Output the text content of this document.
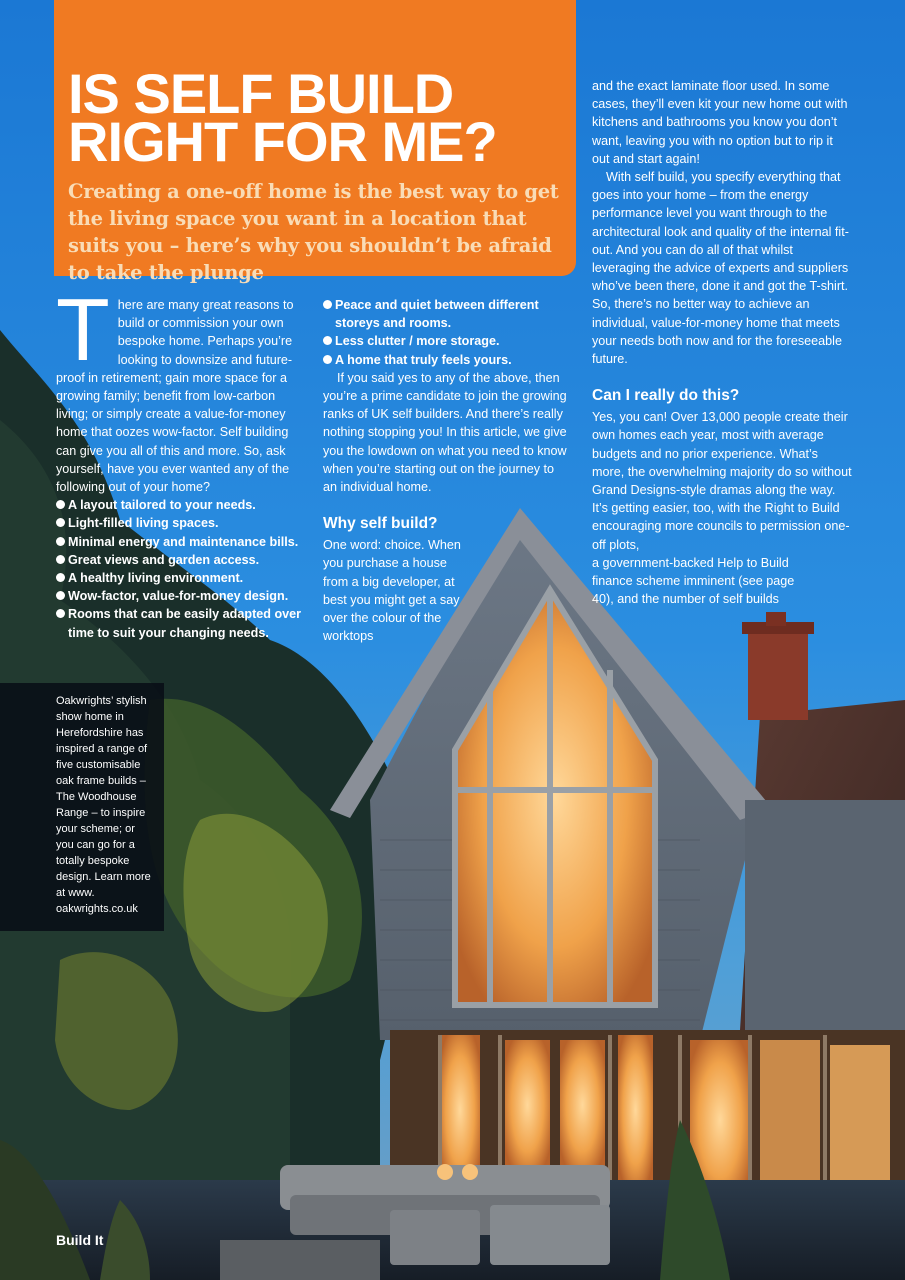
IS SELF BUILD
RIGHT FOR ME?

Creating a one-off home is the best way to get the living space you want in a location that suits you – here’s why you shouldn’t be afraid to take the plunge

T here are many great reasons to build or commission your own bespoke home. Perhaps you’re looking to downsize and future-proof in retirement; gain more space for a growing family; benefit from low-carbon living; or simply create a value-for-money home that oozes wow-factor. Self building can give you all of this and more. So, ask yourself, have you ever wanted any of the following out of your home?

A layout tailored to your needs.
Light-filled living spaces.
Minimal energy and maintenance bills.
Great views and garden access.
A healthy living environment.
Wow-factor, value-for-money design.
Rooms that can be easily adapted over time to suit your changing needs.
Peace and quiet between different storeys and rooms.
Less clutter / more storage.
A home that truly feels yours.

If you said yes to any of the above, then you’re a prime candidate to join the growing ranks of UK self builders. And there’s really nothing stopping you! In this article, we give you the lowdown on what you need to know when you’re starting out on the journey to an individual home.

Why self build?

One word: choice. When you purchase a house from a big developer, at best you might get a say over the colour of the worktops

and the exact laminate floor used. In some cases, they’ll even kit your new home out with kitchens and bathrooms you know you don’t want, leaving you with no option but to rip it out and start again!

With self build, you specify everything that goes into your home – from the energy performance level you want through to the architectural look and quality of the internal fit-out. And you can do all of that whilst leveraging the advice of experts and suppliers who’ve been there, done it and got the T-shirt. So, there’s no better way to achieve an individual, value-for-money home that meets your needs both now and for the foreseeable future.

Can I really do this?

Yes, you can! Over 13,000 people create their own homes each year, most with average budgets and no prior experience. What’s more, the overwhelming majority do so without Grand Designs-style dramas along the way. It’s getting easier, too, with the Right to Build encouraging more councils to permission one-off plots,

a government-backed Help to Build

finance scheme imminent (see page

40), and the number of self builds

Oakwrights’ stylish show home in Herefordshire has inspired a range of five customisable oak frame builds – The Woodhouse Range – to inspire your scheme; or you can go for a totally bespoke design. Learn more at www. oakwrights.co.uk

Build It
